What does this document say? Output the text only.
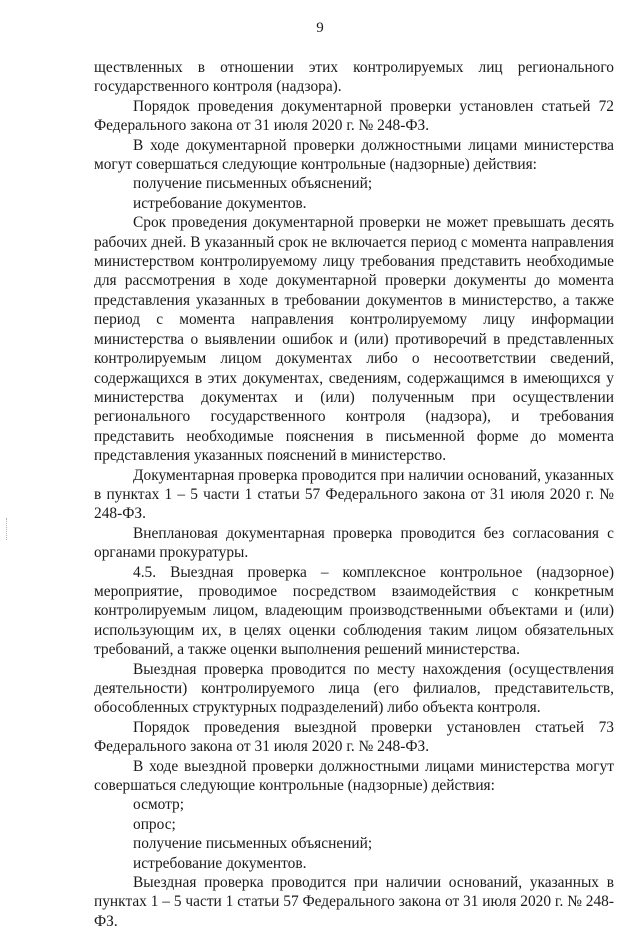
9

ществленных в отношении этих контролируемых лиц регионального государственного контроля (надзора).

Порядок проведения документарной проверки установлен статьей 72 Федерального закона от 31 июля 2020 г. № 248-ФЗ.

В ходе документарной проверки должностными лицами министерства могут совершаться следующие контрольные (надзорные) действия:

получение письменных объяснений;

истребование документов.

Срок проведения документарной проверки не может превышать десять рабочих дней. В указанный срок не включается период с момента направления министерством контролируемому лицу требования представить необходимые для рассмотрения в ходе документарной проверки документы до момента представления указанных в требовании документов в министерство, а также период с момента направления контролируемому лицу информации министерства о выявлении ошибок и (или) противоречий в представленных контролируемым лицом документах либо о несоответствии сведений, содержащихся в этих документах, сведениям, содержащимся в имеющихся у министерства документах и (или) полученным при осуществлении регионального государственного контроля (надзора), и требования представить необходимые пояснения в письменной форме до момента представления указанных пояснений в министерство.

Документарная проверка проводится при наличии оснований, указанных в пунктах 1 – 5 части 1 статьи 57 Федерального закона от 31 июля 2020 г. № 248-ФЗ.

Внеплановая документарная проверка проводится без согласования с органами прокуратуры.

4.5. Выездная проверка – комплексное контрольное (надзорное) мероприятие, проводимое посредством взаимодействия с конкретным контролируемым лицом, владеющим производственными объектами и (или) использующим их, в целях оценки соблюдения таким лицом обязательных требований, а также оценки выполнения решений министерства.

Выездная проверка проводится по месту нахождения (осуществления деятельности) контролируемого лица (его филиалов, представительств, обособленных структурных подразделений) либо объекта контроля.

Порядок проведения выездной проверки установлен статьей 73 Федерального закона от 31 июля 2020 г. № 248-ФЗ.

В ходе выездной проверки должностными лицами министерства могут совершаться следующие контрольные (надзорные) действия:

осмотр;

опрос;

получение письменных объяснений;

истребование документов.

Выездная проверка проводится при наличии оснований, указанных в пунктах 1 – 5 части 1 статьи 57 Федерального закона от 31 июля 2020 г. № 248-ФЗ.
